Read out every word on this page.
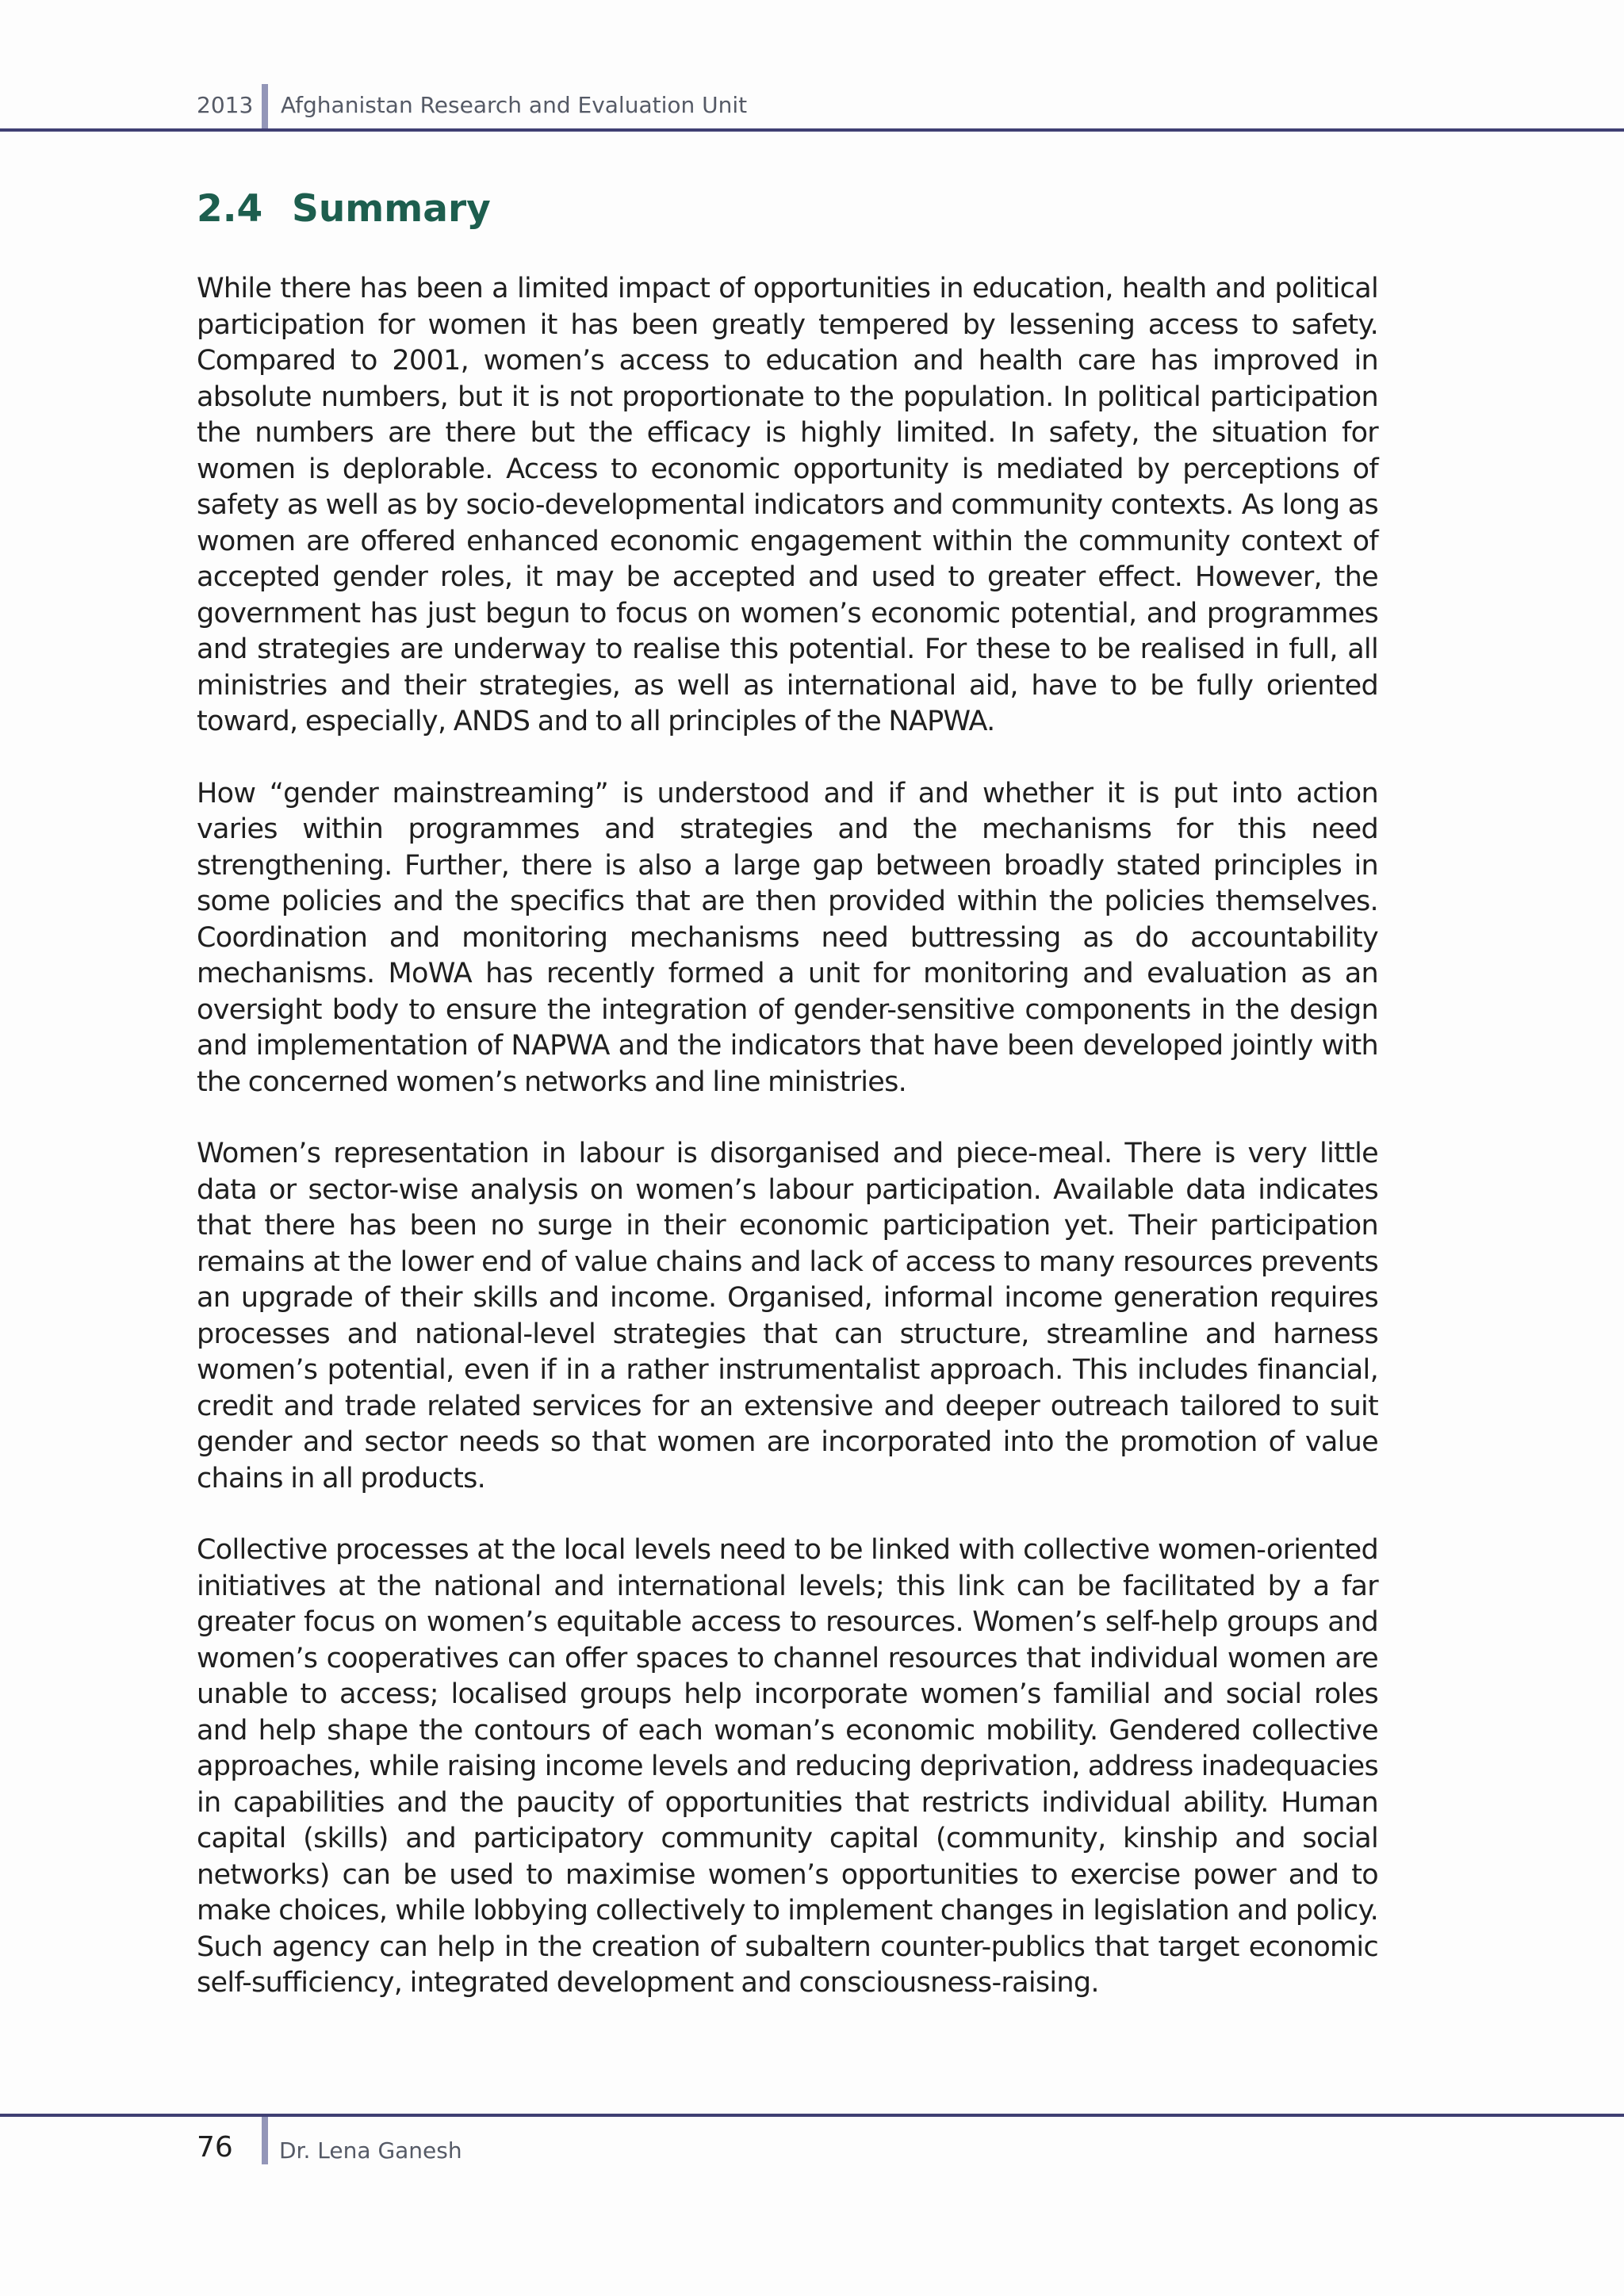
2013 Afghanistan Research and Evaluation Unit
2.4 Summary

While there has been a limited impact of opportunities in education, health and political participation for women it has been greatly tempered by lessening access to safety. Compared to 2001, women’s access to education and health care has improved in absolute numbers, but it is not proportionate to the population. In political participation the numbers are there but the efficacy is highly limited. In safety, the situation for women is deplorable. Access to economic opportunity is mediated by perceptions of safety as well as by socio-developmental indicators and community contexts. As long as women are offered enhanced economic engagement within the community context of accepted gender roles, it may be accepted and used to greater effect. However, the government has just begun to focus on women’s economic potential, and programmes and strategies are underway to realise this potential. For these to be realised in full, all ministries and their strategies, as well as international aid, have to be fully oriented toward, especially, ANDS and to all principles of the NAPWA.

How “gender mainstreaming” is understood and if and whether it is put into action varies within programmes and strategies and the mechanisms for this need strengthening. Further, there is also a large gap between broadly stated principles in some policies and the specifics that are then provided within the policies themselves. Coordination and monitoring mechanisms need buttressing as do accountability mechanisms. MoWA has recently formed a unit for monitoring and evaluation as an oversight body to ensure the integration of gender-sensitive components in the design and implementation of NAPWA and the indicators that have been developed jointly with the concerned women’s networks and line ministries.

Women’s representation in labour is disorganised and piece-meal. There is very little data or sector-wise analysis on women’s labour participation. Available data indicates that there has been no surge in their economic participation yet. Their participation remains at the lower end of value chains and lack of access to many resources prevents an upgrade of their skills and income. Organised, informal income generation requires processes and national-level strategies that can structure, streamline and harness women’s potential, even if in a rather instrumentalist approach. This includes financial, credit and trade related services for an extensive and deeper outreach tailored to suit gender and sector needs so that women are incorporated into the promotion of value chains in all products.

Collective processes at the local levels need to be linked with collective women-oriented initiatives at the national and international levels; this link can be facilitated by a far greater focus on women’s equitable access to resources. Women’s self-help groups and women’s cooperatives can offer spaces to channel resources that individual women are unable to access; localised groups help incorporate women’s familial and social roles and help shape the contours of each woman’s economic mobility. Gendered collective approaches, while raising income levels and reducing deprivation, address inadequacies in capabilities and the paucity of opportunities that restricts individual ability. Human capital (skills) and participatory community capital (community, kinship and social networks) can be used to maximise women’s opportunities to exercise power and to make choices, while lobbying collectively to implement changes in legislation and policy. Such agency can help in the creation of subaltern counter-publics that target economic self-sufficiency, integrated development and consciousness-raising.

76 Dr. Lena Ganesh
